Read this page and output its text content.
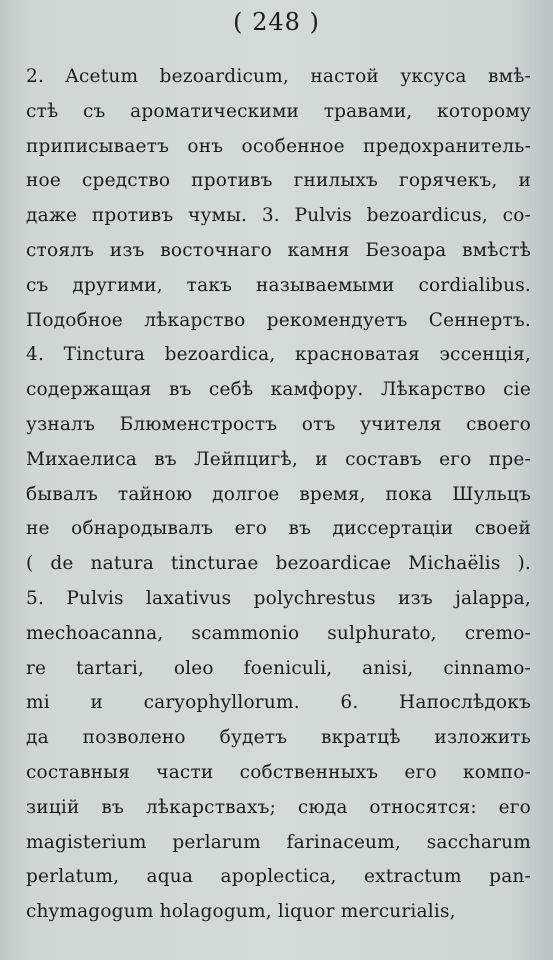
( 248 )
2. Acetum bezoardicum, настой уксуса вмѣ-
стѣ съ ароматическими травами, которому
приписываетъ онъ особенное предохранитель-
ное средство противъ гнилыхъ горячекъ, и
даже противъ чумы. 3. Pulvis bezoardicus, со-
стоялъ изъ восточнаго камня Безоара вмѣстѣ
съ другими, такъ называемыми cordialibus.
Подобное лѣкарство рекомендуетъ Сеннертъ.
4. Tinctura bezoardica, красноватая эссенція,
содержащая въ себѣ камфору. Лѣкарство сіе
узналъ Блюменстростъ отъ учителя своего
Михаелиса въ Лейпцигѣ, и составъ его пре-
бывалъ тайною долгое время, пока Шульцъ
не обнародывалъ его въ диссертаціи своей
( de natura tincturae bezoardicae Michaëlis ).
5. Pulvis laxativus polychrestus изъ jalappa,
mechoacanna, scammonio sulphurato, cremo-
re tartari, oleo foeniculi, anisi, cinnamo-
mi и caryophyllorum. 6. Напослѣдокъ
да позволено будетъ вкратцѣ изложить
составныя части собственныхъ его компо-
зицій въ лѣкарствахъ; сюда относятся: его
magisterium perlarum farinaceum, saccharum
perlatum, aqua apoplectica, extractum pan-
chymagogum holagogum, liquor mercurialis,
